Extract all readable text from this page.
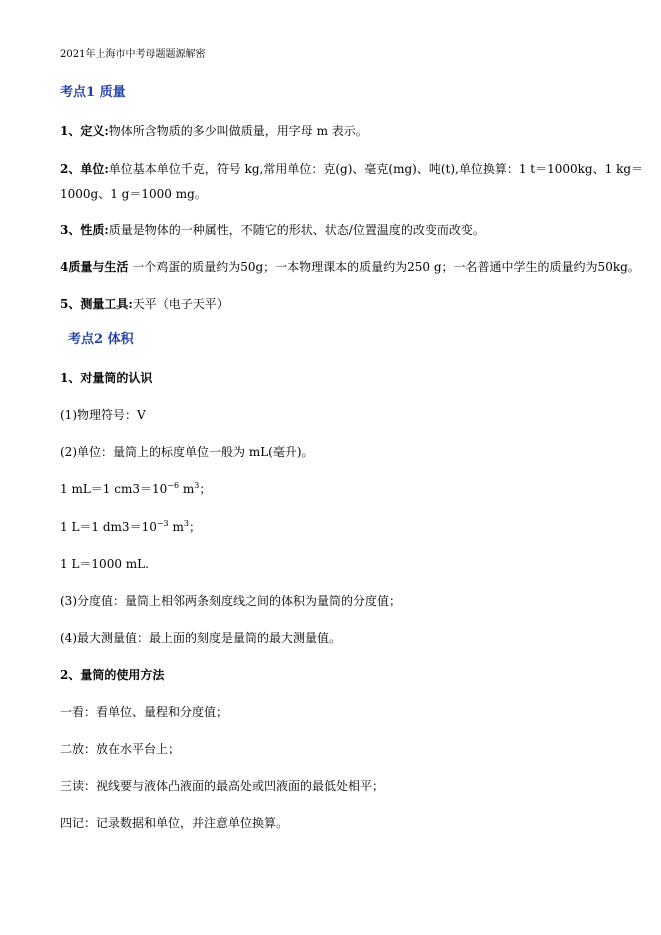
2021年上海市中考母题题源解密
考点1 质量
1、定义:物体所含物质的多少叫做质量，用字母 m 表示。
2、单位:单位基本单位千克，符号 kg,常用单位：克(g)、毫克(mg)、吨(t),单位换算：1 t＝1000kg、1 kg＝
1000g、1 g＝1000 mg。
3、性质:质量是物体的一种属性，不随它的形状、状态/位置温度的改变而改变。
4质量与生活 一个鸡蛋的质量约为50g；一本物理课本的质量约为250 g；一名普通中学生的质量约为50kg。
5、测量工具:天平（电子天平）
考点2 体积
1、对量筒的认识
(1)物理符号：V
(2)单位：量筒上的标度单位一般为 mL(毫升)。
1 mL＝1 $cm3=10^{-6}$ $m^3$；
1 L＝1 $dm3=10^{-3}$ $m^3$；
1 L＝1000 mL.
(3)分度值：量筒上相邻两条刻度线之间的体积为量筒的分度值；
(4)最大测量值：最上面的刻度是量筒的最大测量值。
2、量筒的使用方法
一看：看单位、量程和分度值；
二放：放在水平台上；
三读：视线要与液体凸液面的最高处或凹液面的最低处相平；
四记：记录数据和单位，并注意单位换算。
